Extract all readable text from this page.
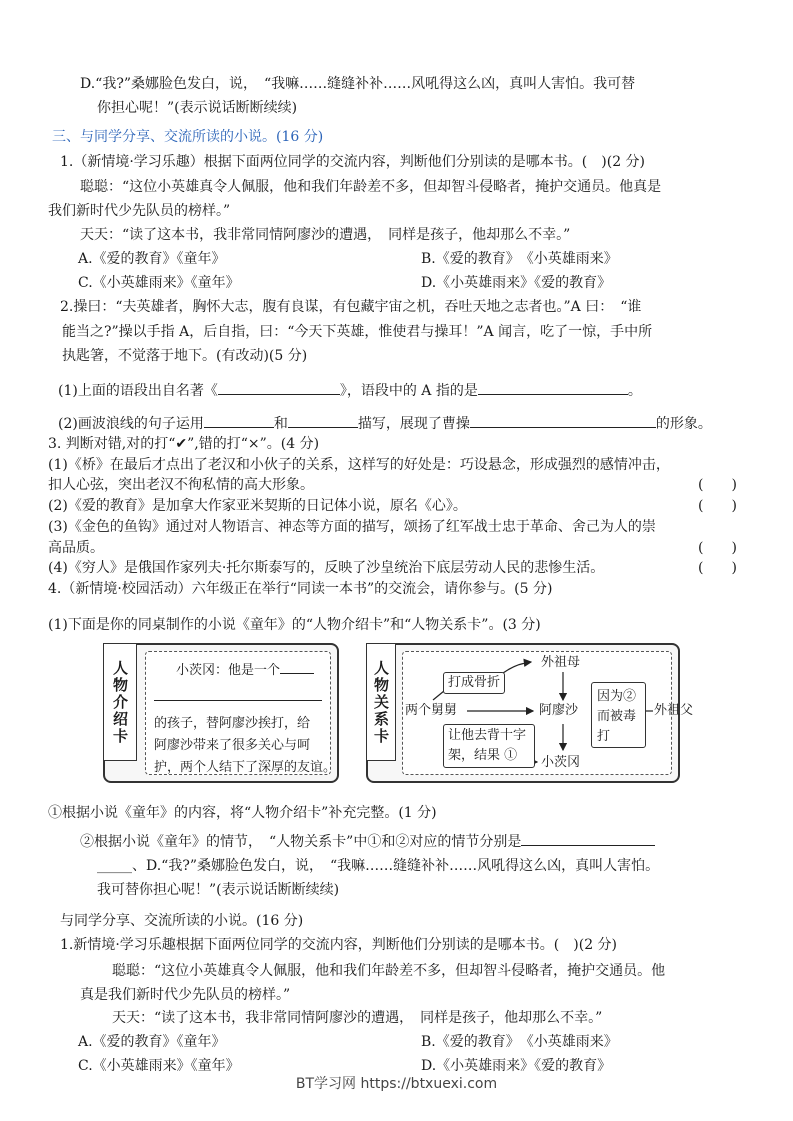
D.“我?”桑娜脸色发白，说，　“我嘛……缝缝补补……风吼得这么凶，真叫人害怕。我可替
你担心呢！”(表示说话断断续续)
三、与同学分享、交流所读的小说。(16 分)
1.（新情境·学习乐趣）根据下面两位同学的交流内容，判断他们分别读的是哪本书。(　)(2 分)
聪聪：“这位小英雄真令人佩服，他和我们年龄差不多，但却智斗侵略者，掩护交通员。他真是
我们新时代少先队员的榜样。”
天天：“读了这本书，我非常同情阿廖沙的遭遇，　同样是孩子，他却那么不幸。”
A.《爱的教育》《童年》	B.《爱的教育》　《小英雄雨来》
C.《小英雄雨来》《童年》	D.《小英雄雨来》《爱的教育》
2.操曰：“夫英雄者，胸怀大志，腹有良谋，有包藏宇宙之机，吞吐天地之志者也。”A 曰：　“谁
能当之?”操以手指 A，后自指，曰：“今天下英雄，惟使君与操耳！”A 闻言，吃了一惊，手中所
执匙箸，不觉落于地下。(有改动)(5 分)
(1)上面的语段出自名著《	》，语段中的 A 指的是	。
(2)画波浪线的句子运用	和	描写，展现了曹操	的形象。
3. 判断对错,对的打“✔”,错的打“×”。(4 分)
(1)《桥》在最后才点出了老汉和小伙子的关系，这样写的好处是：巧设悬念，形成强烈的感情冲击，
扣人心弦，突出老汉不徇私情的高大形象。	(　　)
(2)《爱的教育》是加拿大作家亚米契斯的日记体小说，原名《心》。	(　　)
(3)《金色的鱼钩》通过对人物语言、神态等方面的描写，颂扬了红军战士忠于革命、舍己为人的崇
高品质。	(　　)
(4)《穷人》是俄国作家列夫·托尔斯泰写的，反映了沙皇统治下底层劳动人民的悲惨生活。	(　　)
4.（新情境·校园活动）六年级正在举行“同读一本书”的交流会，请你参与。(5 分)
(1)下面是你的同桌制作的小说《童年》的“人物介绍卡”和“人物关系卡”。(3 分)
人物介绍卡	小茨冈：他是一个
的孩子，替阿廖沙挨打，给
阿廖沙带来了很多关心与呵
护，两个人结下了深厚的友谊。
人物关系卡	外祖母
打成骨折
两个舅舅	阿廖沙
因为②
而被毒
打
外祖父
让他去背十字
架，结果 ①	小茨冈
①根据小说《童年》的内容，将“人物介绍卡”补充完整。(1 分)
②根据小说《童年》的情节，　“人物关系卡”中①和②对应的情节分别是
_____、D.“我?”桑娜脸色发白，说，　“我嘛……缝缝补补……风吼得这么凶，真叫人害怕。
我可替你担心呢！”(表示说话断断续续)
与同学分享、交流所读的小说。(16 分)
1.新情境·学习乐趣根据下面两位同学的交流内容，判断他们分别读的是哪本书。(　)(2 分)
聪聪：“这位小英雄真令人佩服，他和我们年龄差不多，但却智斗侵略者，掩护交通员。他
真是我们新时代少先队员的榜样。”
天天：“读了这本书，我非常同情阿廖沙的遭遇，　同样是孩子，他却那么不幸。”
A.《爱的教育》《童年》	B.《爱的教育》　《小英雄雨来》
C.《小英雄雨来》《童年》	D.《小英雄雨来》《爱的教育》
BT学习网 https://btxuexi.com
